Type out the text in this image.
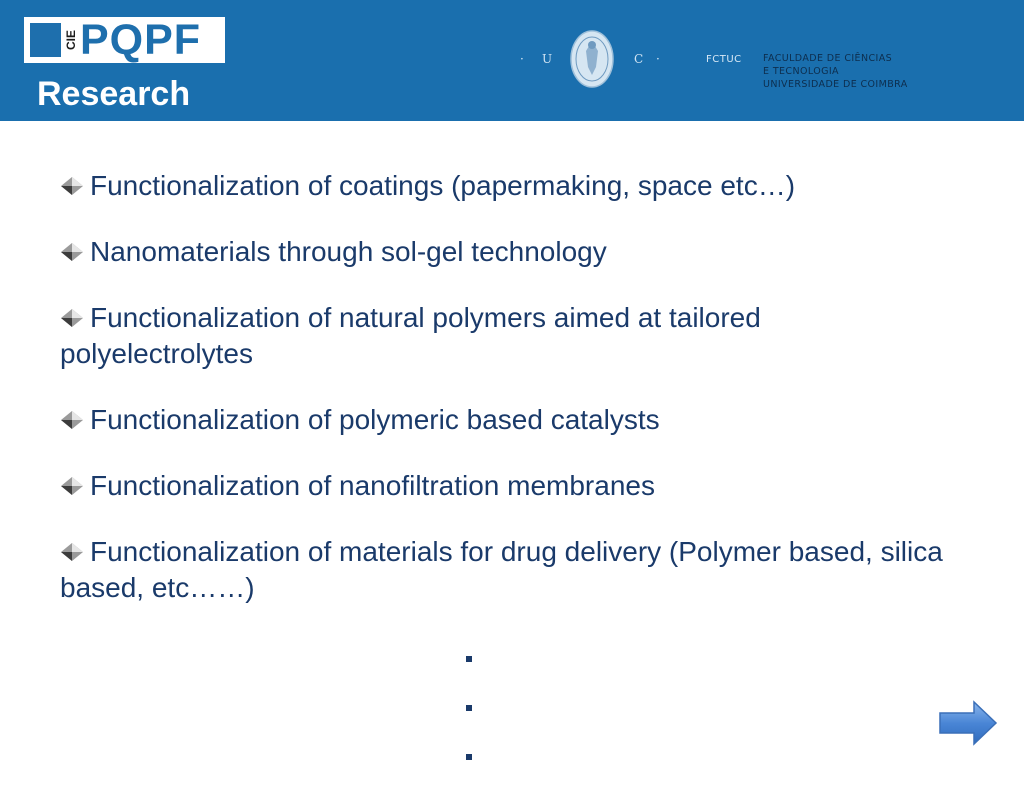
CIE PQPF
Research
· U	C ·	FCTUC FACULDADE DE CIÊNCIAS
E TECNOLOGIA
UNIVERSIDADE DE COIMBRA
Functionalization of coatings (papermaking, space etc…)
Nanomaterials through sol-gel technology
Functionalization of natural polymers aimed at tailored polyelectrolytes
Functionalization of polymeric based catalysts
Functionalization of nanofiltration membranes
Functionalization of materials for drug delivery (Polymer based, silica based, etc……)
